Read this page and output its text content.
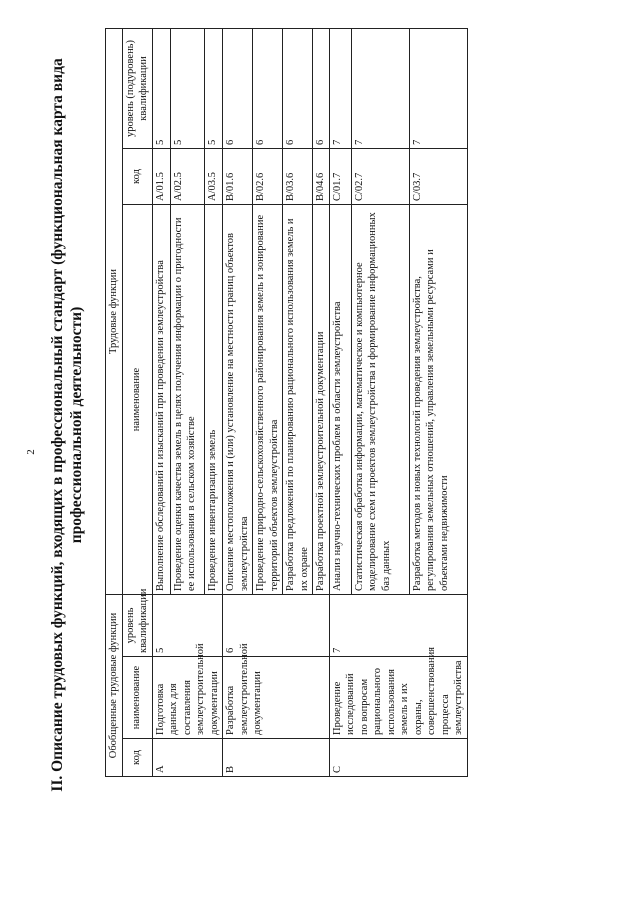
2 II. Описание трудовых функций, входящих в профессиональный стандарт (функциональная карта вида профессиональной деятельности)
Обобщенные трудовые функции			Трудовые функции		
код	наименование	уровень квалификации	наименование	код	уровень (подуровень) квалификации
A	Подготовка данных для составления землеустроительной документации	5	Выполнение обследований и изысканий при проведении землеустройства	A/01.5	5
			Проведение оценки качества земель в целях получения информации о пригодности ее использования в сельском хозяйстве	A/02.5	5
			Проведение инвентаризации земель	A/03.5	5
B	Разработка землеустроительной документации	6	Описание местоположения и (или) установление на местности границ объектов землеустройства	B/01.6	6
			Проведение природно-сельскохозяйственного районирования земель и зонирование территорий объектов землеустройства	B/02.6	6
			Разработка предложений по планированию рационального использования земель и их охране	B/03.6	6
			Разработка проектной землеустроительной документации	B/04.6	6
C	Проведение исследований по вопросам рационального использования земель и их охраны, совершенствования процесса землеустройства	7	Анализ научно-технических проблем в области землеустройства	C/01.7	7
			Статистическая обработка информации, математическое и компьютерное моделирование схем и проектов землеустройства и формирование информационных баз данных	C/02.7	7
			Разработка методов и новых технологий проведения землеустройства, регулирования земельных отношений, управления земельными ресурсами и объектами недвижимости	C/03.7	7
